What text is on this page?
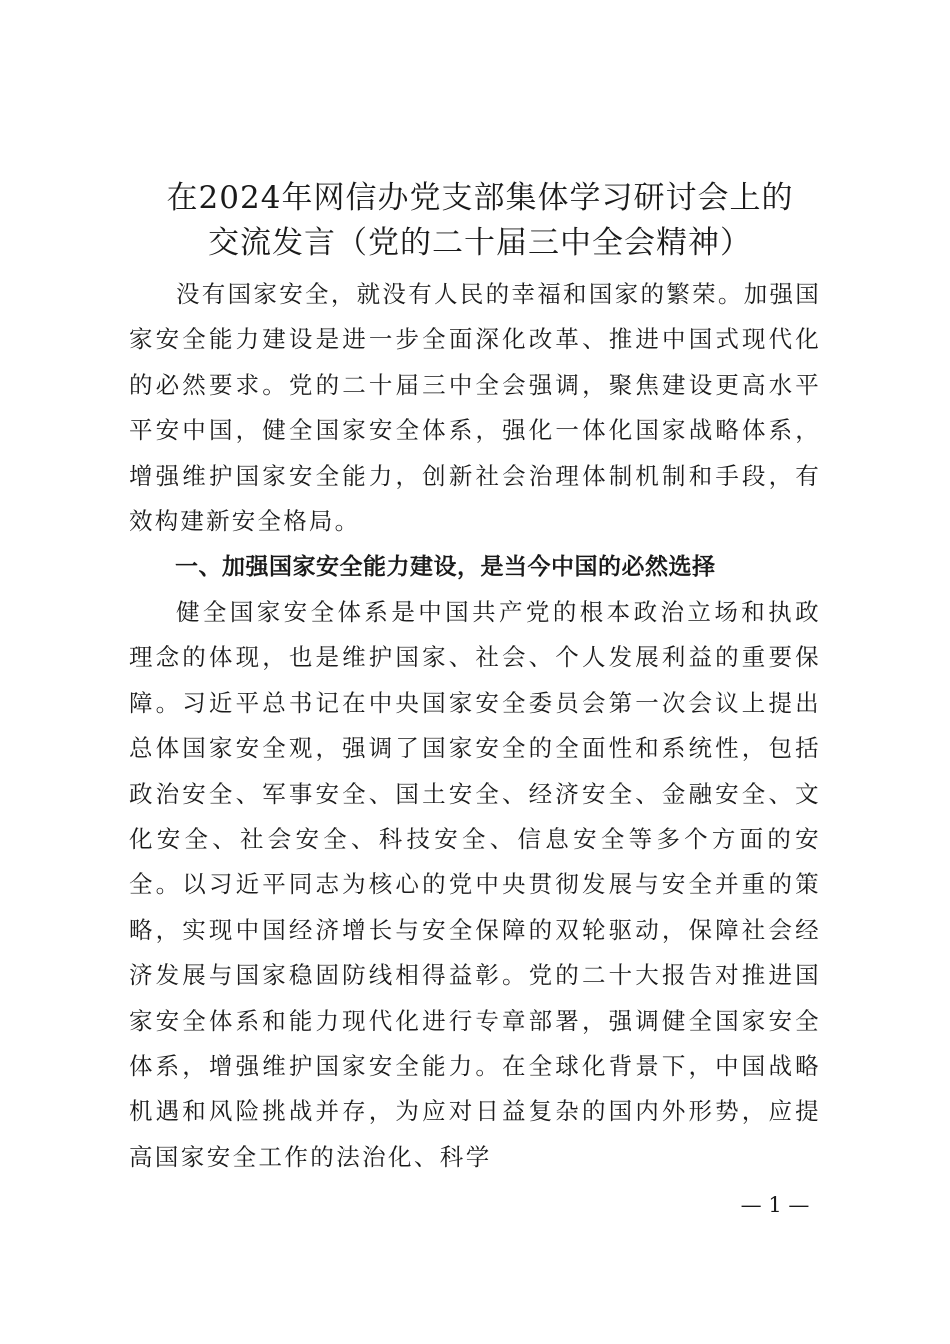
在2024年网信办党支部集体学习研讨会上的
交流发言（党的二十届三中全会精神）

没有国家安全，就没有人民的幸福和国家的繁荣。加强国家安全能力建设是进一步全面深化改革、推进中国式现代化的必然要求。党的二十届三中全会强调，聚焦建设更高水平平安中国，健全国家安全体系，强化一体化国家战略体系，增强维护国家安全能力，创新社会治理体制机制和手段，有效构建新安全格局。

一、加强国家安全能力建设，是当今中国的必然选择

健全国家安全体系是中国共产党的根本政治立场和执政理念的体现，也是维护国家、社会、个人发展利益的重要保障。习近平总书记在中央国家安全委员会第一次会议上提出总体国家安全观，强调了国家安全的全面性和系统性，包括政治安全、军事安全、国土安全、经济安全、金融安全、文化安全、社会安全、科技安全、信息安全等多个方面的安全。以习近平同志为核心的党中央贯彻发展与安全并重的策略，实现中国经济增长与安全保障的双轮驱动，保障社会经济发展与国家稳固防线相得益彰。党的二十大报告对推进国家安全体系和能力现代化进行专章部署，强调健全国家安全体系，增强维护国家安全能力。在全球化背景下，中国战略机遇和风险挑战并存，为应对日益复杂的国内外形势，应提高国家安全工作的法治化、科学

— 1 —
